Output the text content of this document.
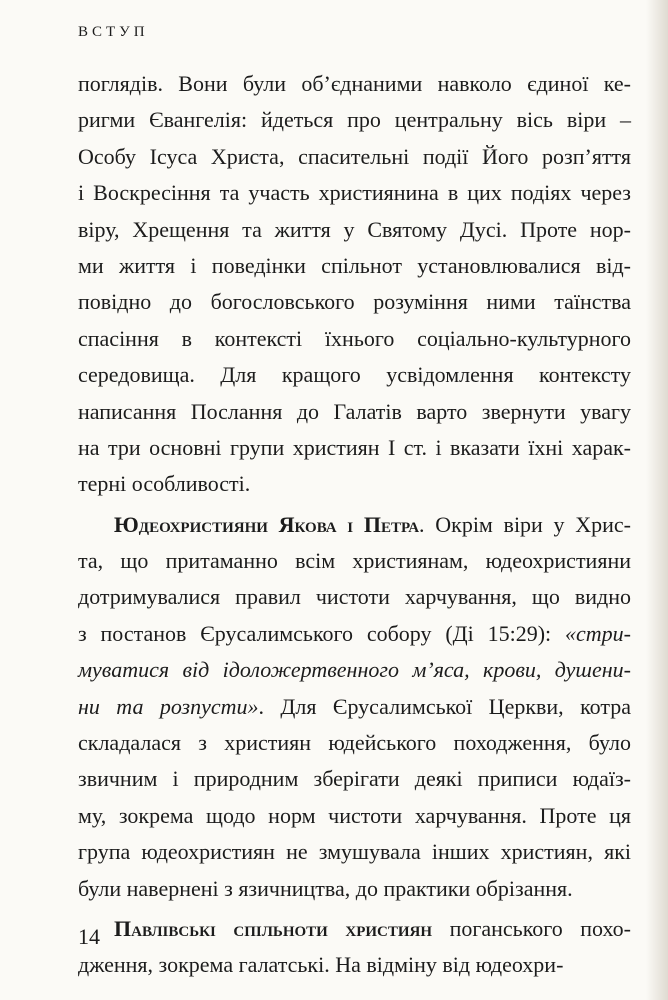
ВСТУП
поглядів. Вони були об’єднаними навколо єдиної ке-
ригми Євангелія: йдеться про центральну вісь віри –
Особу Ісуса Христа, спасительні події Його розп’яття
і Воскресіння та участь християнина в цих подіях через
віру, Хрещення та життя у Святому Дусі. Проте нор-
ми життя і поведінки спільнот установлювалися від-
повідно до богословського розуміння ними таїнства
спасіння в контексті їхнього соціально-культурного
середовища. Для кращого усвідомлення контексту
написання Послання до Галатів варто звернути увагу
на три основні групи християн І ст. і вказати їхні харак-
терні особливості.
Юдеохристияни Якова і Петра. Окрім віри у Хрис-
та, що притаманно всім християнам, юдеохристияни
дотримувалися правил чистоти харчування, що видно
з постанов Єрусалимського собору (Ді 15:29): «стри-
муватися від ідоложертвенного м’яса, крови, душени-
ни та розпусти». Для Єрусалимської Церкви, котра
складалася з християн юдейського походження, було
звичним і природним зберігати деякі приписи юдаїз-
му, зокрема щодо норм чистоти харчування. Проте ця
група юдеохристиян не змушувала інших християн, які
були навернені з язичництва, до практики обрізання.
Павлівські спільноти християн поганського похо-
дження, зокрема галатські. На відміну від юдеохри-
14
